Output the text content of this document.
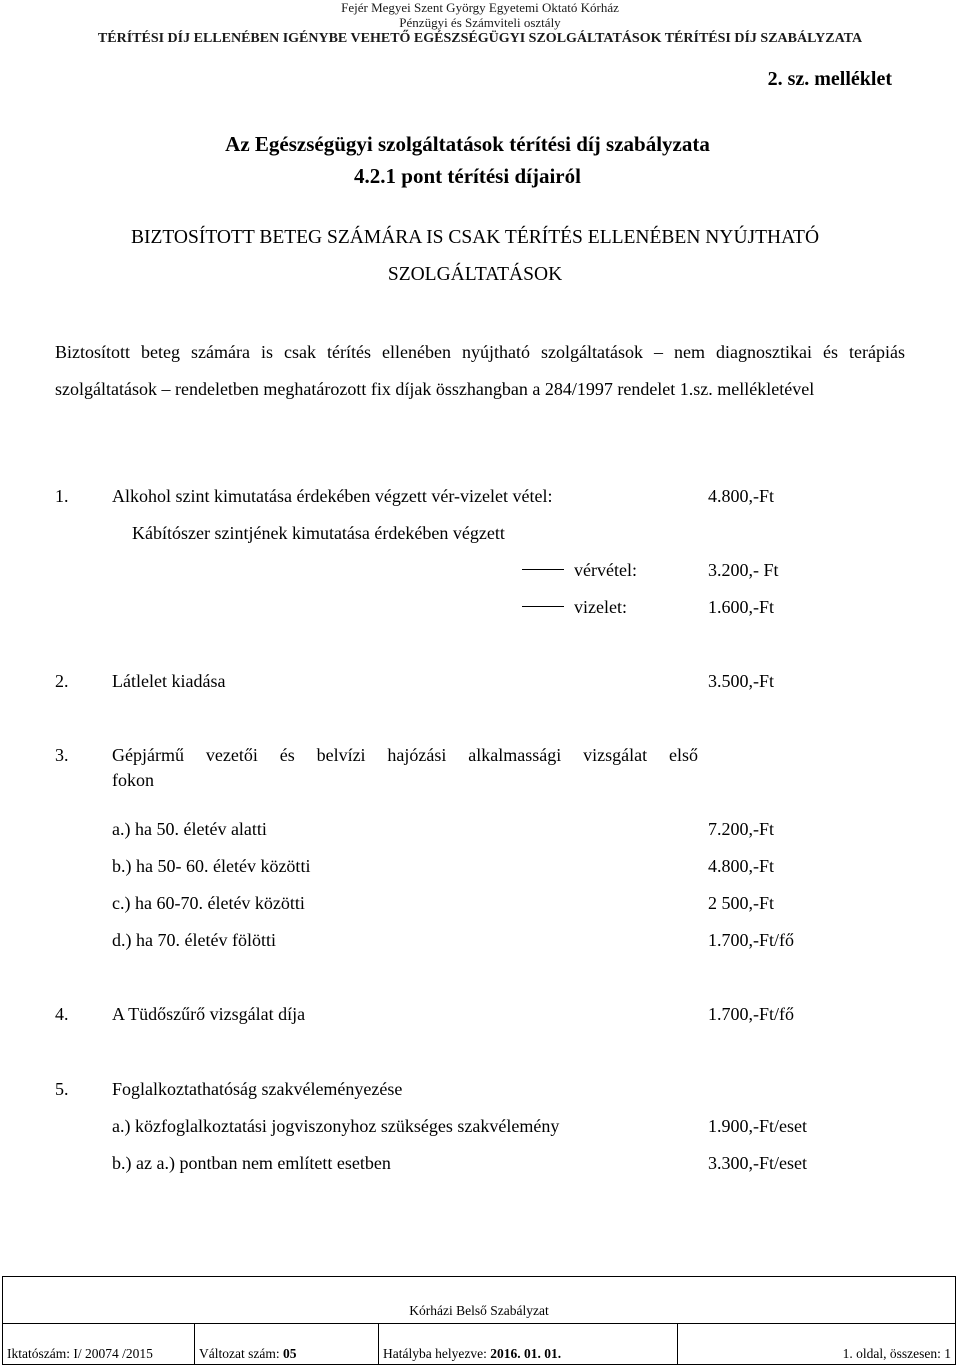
Fejér Megyei Szent György Egyetemi Oktató Kórház
Pénzügyi és Számviteli osztály
TÉRÍTÉSI DÍJ ELLENÉBEN IGÉNYBE VEHETŐ EGÉSZSÉGÜGYI SZOLGÁLTATÁSOK TÉRÍTÉSI DÍJ SZABÁLYZATA
2. sz. melléklet
Az Egészségügyi szolgáltatások térítési díj szabályzata
4.2.1 pont térítési díjairól
BIZTOSÍTOTT BETEG SZÁMÁRA IS CSAK TÉRÍTÉS ELLENÉBEN NYÚJTHATÓ
SZOLGÁLTATÁSOK
Biztosított beteg számára is csak térítés ellenében nyújtható szolgáltatások – nem diagnosztikai és terápiás szolgáltatások – rendeletben meghatározott fix díjak összhangban a 284/1997 rendelet 1.sz. mellékletével
1. Alkohol szint kimutatása érdekében végzett vér-vizelet vétel:	4.800,-Ft
Kábítószer szintjének kimutatása érdekében végzett
vérvétel:	3.200,- Ft
vizelet:	1.600,-Ft
2. Látlelet kiadása	3.500,-Ft
3. Gépjármű vezetői és belvízi hajózási alkalmassági vizsgálat első
fokon
a.) ha 50. életév alatti	7.200,-Ft
b.) ha 50- 60. életév közötti	4.800,-Ft
c.) ha 60-70. életév közötti	2 500,-Ft
d.) ha 70. életév fölötti	1.700,-Ft/fő
4. A Tüdőszűrő vizsgálat díja	1.700,-Ft/fő
5. Foglalkoztathatóság szakvéleményezése
a.) közfoglalkoztatási jogviszonyhoz szükséges szakvélemény	1.900,-Ft/eset
b.) az a.) pontban nem említett esetben	3.300,-Ft/eset
Kórházi Belső Szabályzat
Iktatószám: I/ 20074 /2015	Változat szám: 05	Hatályba helyezve: 2016. 01. 01.	1. oldal, összesen: 1
